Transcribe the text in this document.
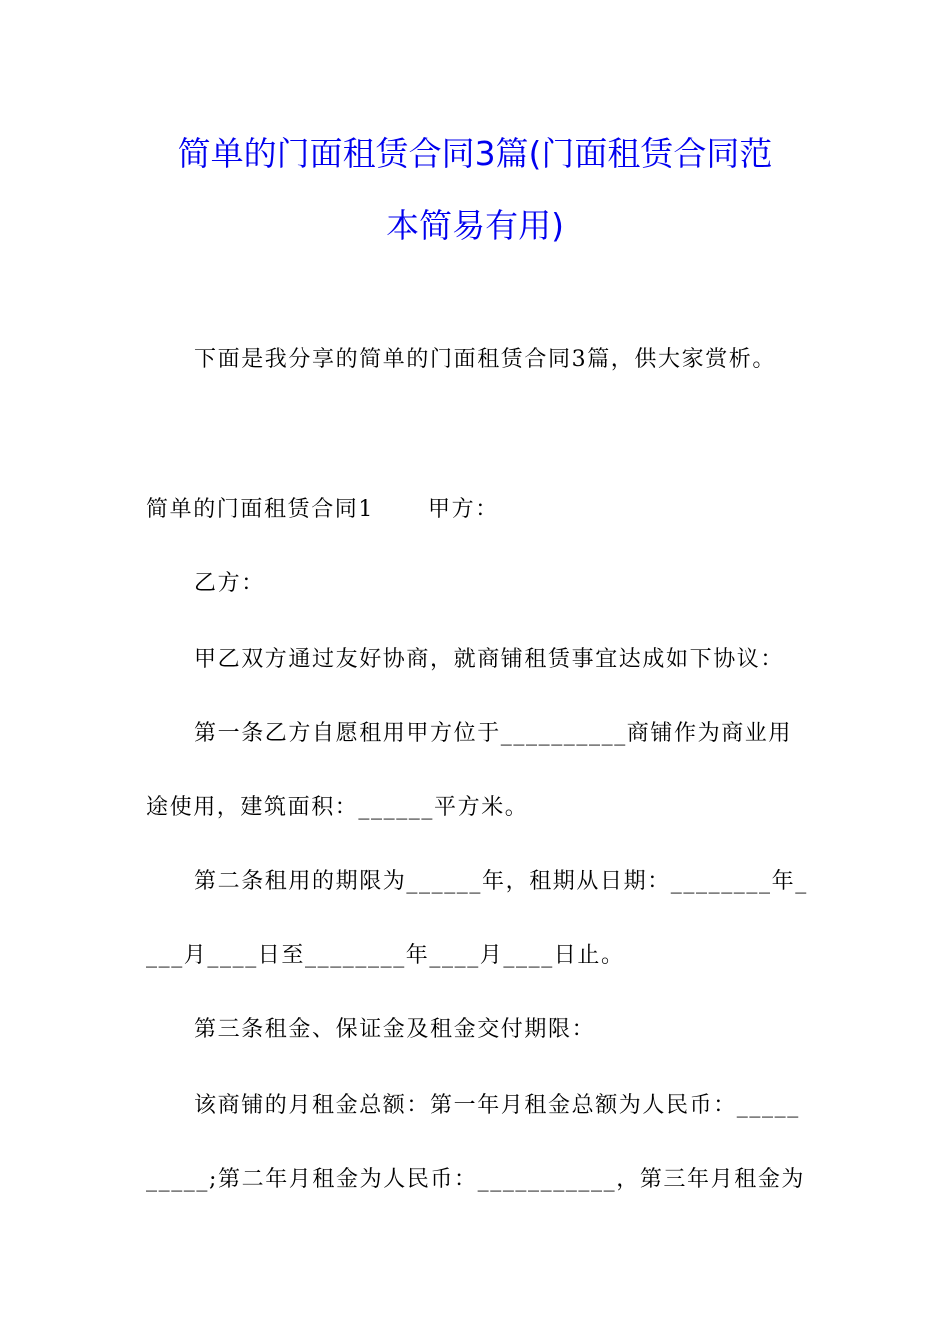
简单的门面租赁合同3篇(门面租赁合同范
本简易有用)
下面是我分享的简单的门面租赁合同3篇，供大家赏析。
简单的门面租赁合同1 甲方：
乙方：
甲乙双方通过友好协商，就商铺租赁事宜达成如下协议：
第一条乙方自愿租用甲方位于__________商铺作为商业用
途使用，建筑面积：______平方米。
第二条租用的期限为______年，租期从日期：________年_
___月____日至________年____月____日止。
第三条租金、保证金及租金交付期限：
该商铺的月租金总额：第一年月租金总额为人民币：_____
_____;第二年月租金为人民币：___________，第三年月租金为
